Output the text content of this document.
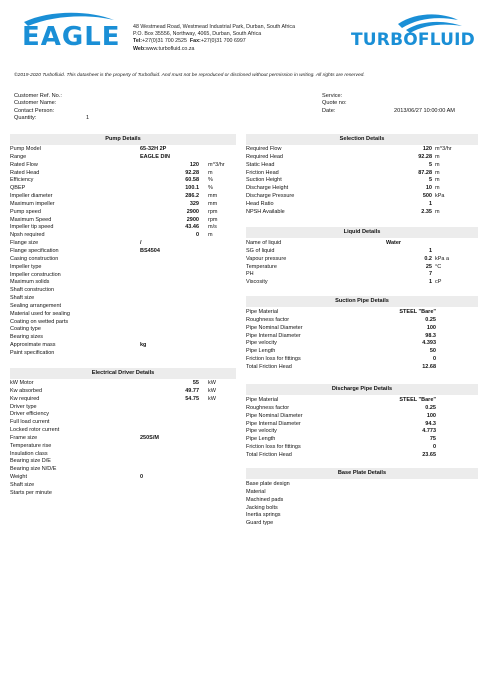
EAGLE 48 Westmead Road, Westmead Industrial Park, Durban, South Africa
P.O. Box 35556, Northway, 4065, Durban, South Africa
Tel:+27(0)31 700 2525 Fax:+27(0)31 700 6997
Web:www.turbofluid.co.za	TURBOFLUID
©2019-2020 Turbofluid. This datasheet is the property of Turbofluid. And must not be reproduced or disclosed without permission in writing. All rights are reserved.
Customer Ref. No.:
Customer Name:
Contact Person:
Quantity:	1
Service:
Quote no:
Date:	2013/06/27 10:00:00 AM
Pump Details
Pump Model	65-32H 2P
Range	EAGLE DIN
Rated Flow	120 m^3/hr
Rated Head	92.28 m
Efficiency	60.58 %
QBEP	100.1 %
Impeller diameter	286.2 mm
Maximum impeller	329 mm
Pump speed	2900 rpm
Maximum Speed	2900 rpm
Impeller tip speed	43.46 m/s
Npsh required	0 m
Flange size	/
Flange specification	BS4504
Casing construction
Impeller type
Impeller construction
Maximum solids
Shaft construction
Shaft size
Sealing arrangement
Material used for sealing
Coating on wetted parts
Coating type
Bearing sizes
Approximate mass	kg
Paint specification
Electrical Driver Details
kW Motor	55 kW
Kw absorbed	49.77 kW
Kw required	54.75 kW
Driver type
Driver efficiency
Full load current
Locked rotor current
Frame size	250S/M
Temperature rise
Insulation class
Bearing size D/E
Bearing size N/D/E
Weight	0
Shaft size
Starts per minute
Selection Details
Required Flow	120 m^3/hr
Required Head	92.28 m
Static Head	5 m
Friction Head	87.28 m
Suction Height	5 m
Discharge Height	10 m
Discharge Pressure	500 kPa
Head Ratio	1
NPSH Available	2.35 m
Liquid Details
Name of liquid	Water
SG of liquid	1
Vapour pressure	0.2 kPa a
Temperature	25 °C
PH	7
Viscosity	1 cP
Suction Pipe Details
Pipe Material	STEEL "Bare"
Roughness factor	0.25
Pipe Nominal Diameter	100
Pipe Internal Diameter	98.3
Pipe velocity	4.393
Pipe Length	50
Friction loss for fittings	0
Total Friction Head	12.68
Discharge Pipe Details
Pipe Material	STEEL "Bare"
Roughness factor	0.25
Pipe Nominal Diameter	100
Pipe Internal Diameter	94.3
Pipe velocity	4.773
Pipe Length	75
Friction loss for fittings	0
Total Friction Head	23.65
Base Plate Details
Base plate design
Material
Machined pads
Jacking bolts
Inertia springs
Guard type
